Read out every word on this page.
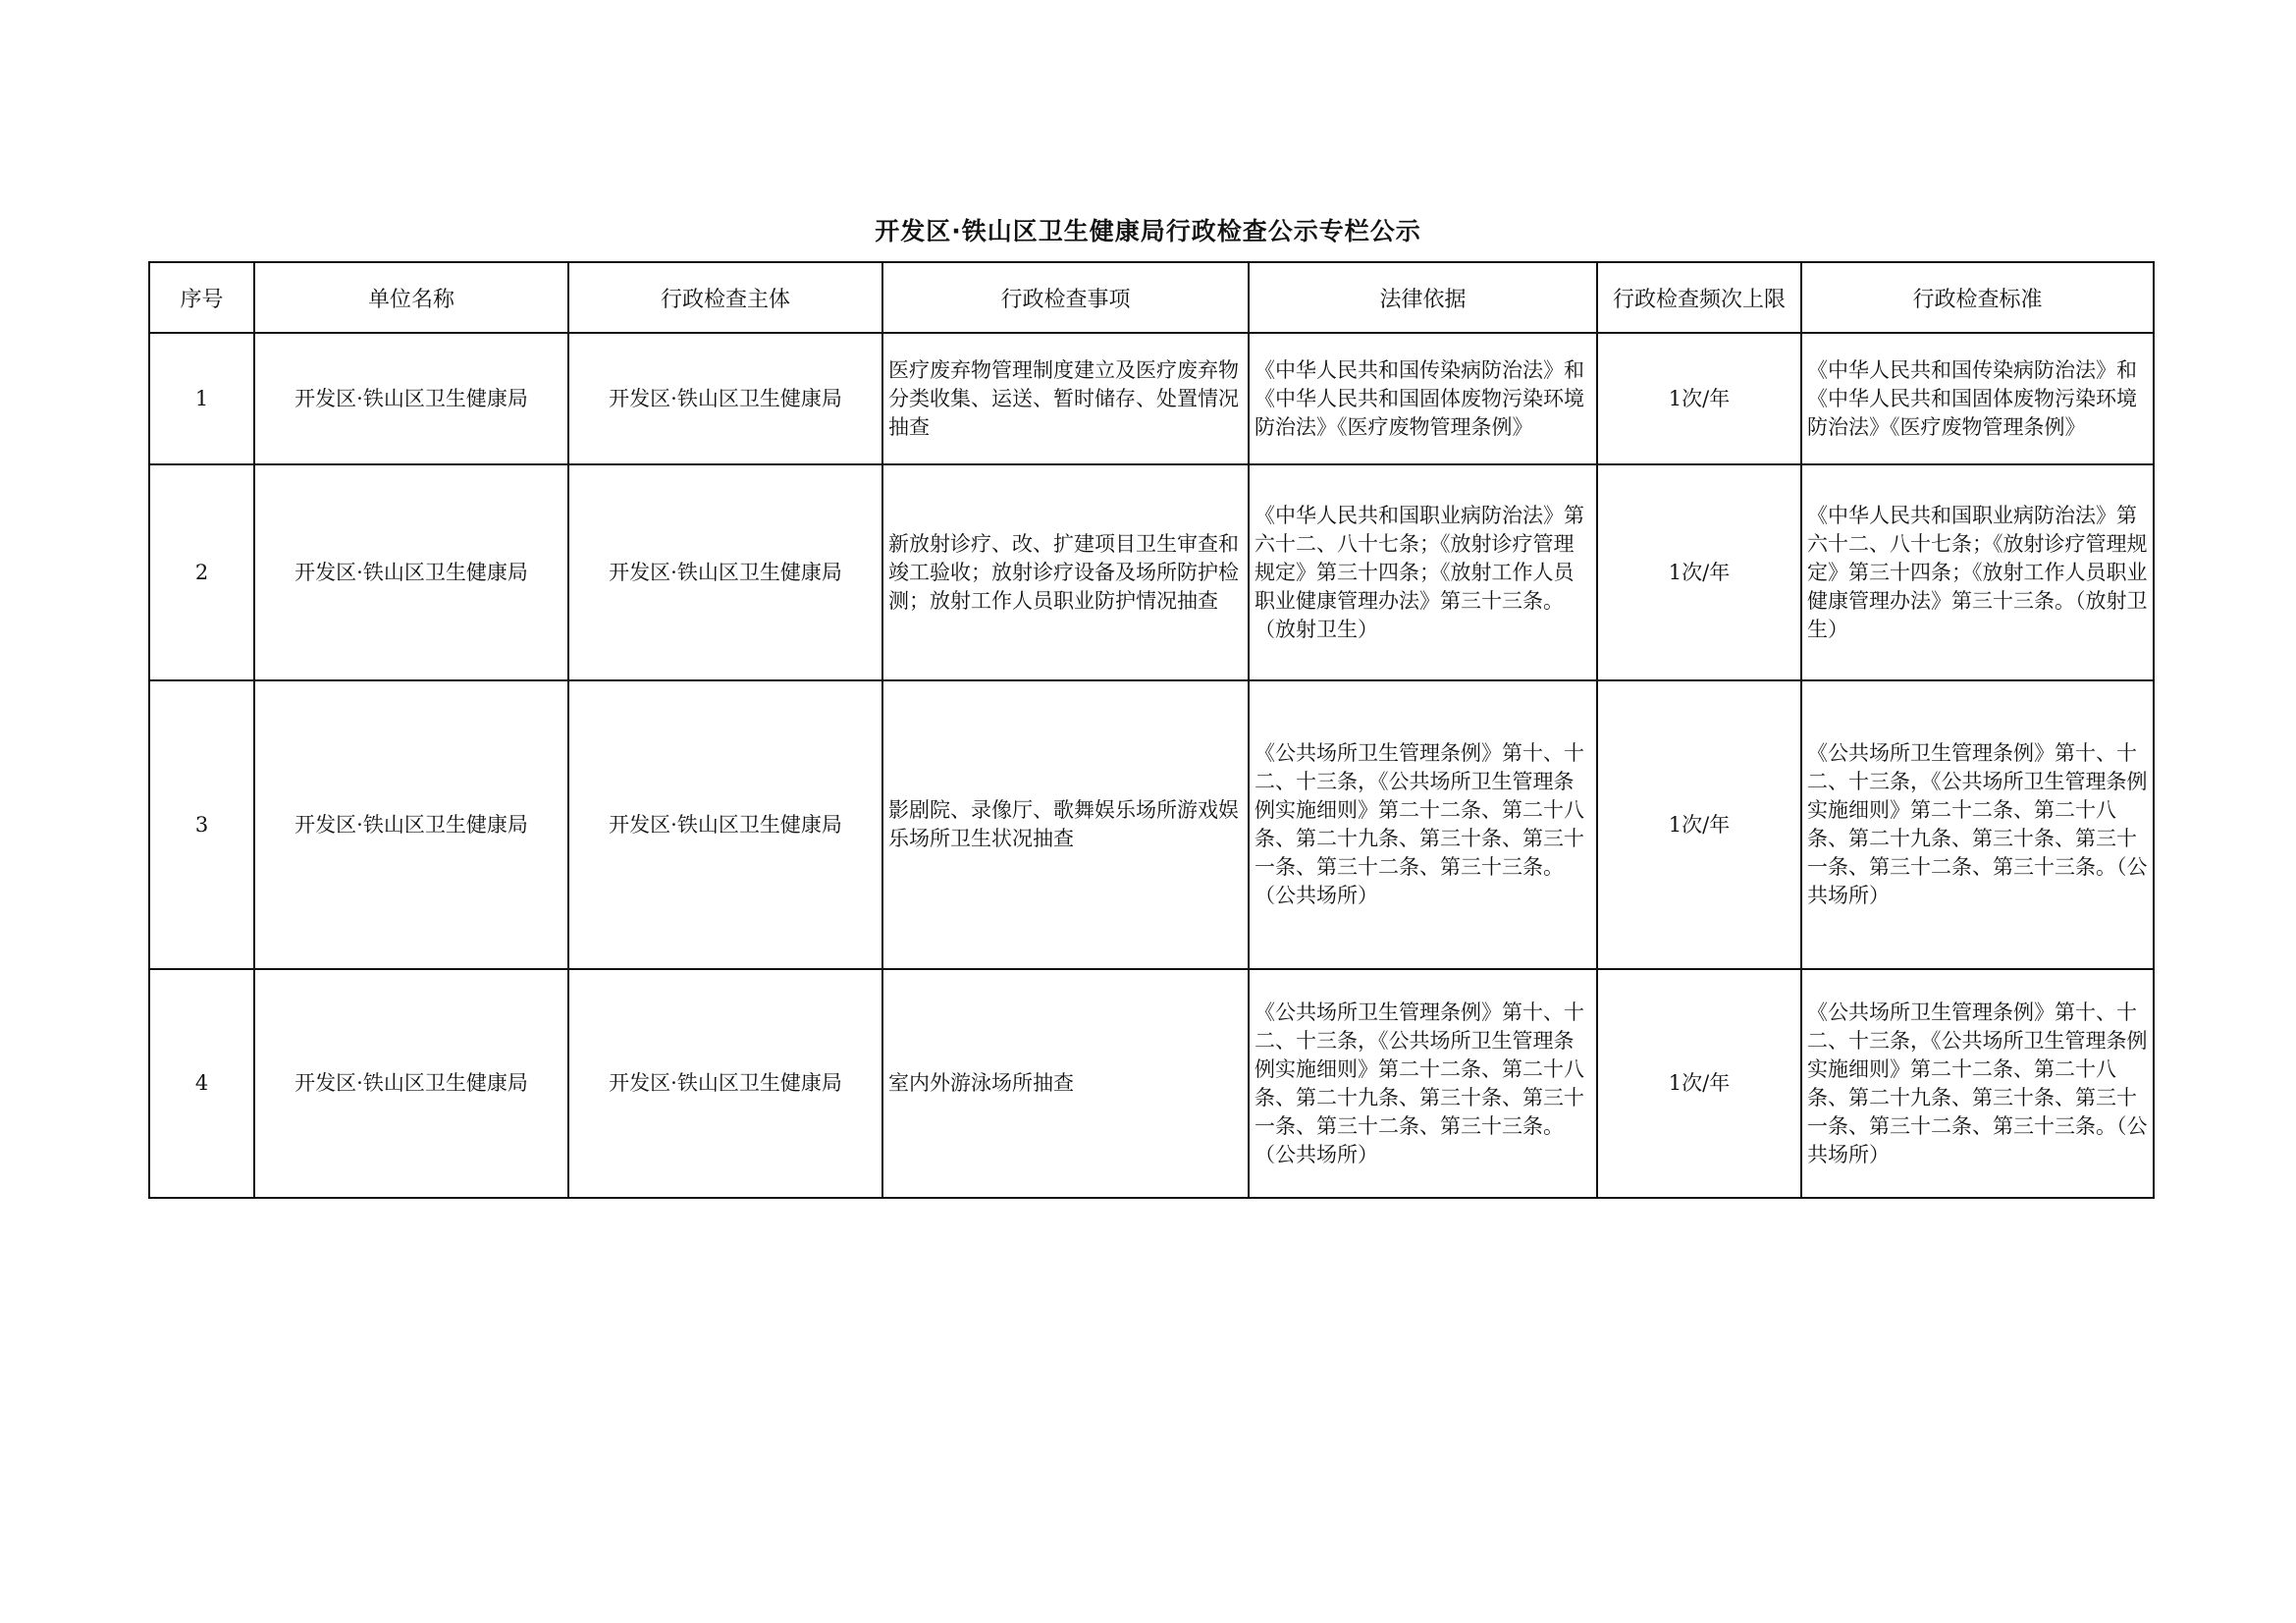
开发区·铁山区卫生健康局行政检查公示专栏公示
序号	单位名称	行政检查主体	行政检查事项	法律依据	行政检查频次上限	行政检查标准
1	开发区·铁山区卫生健康局	开发区·铁山区卫生健康局	医疗废弃物管理制度建立及医疗废弃物分类收集、运送、暂时储存、处置情况抽查	《中华人民共和国传染病防治法》和《中华人民共和国固体废物污染环境防治法》《医疗废物管理条例》	1次/年	《中华人民共和国传染病防治法》和《中华人民共和国固体废物污染环境防治法》《医疗废物管理条例》

2	开发区·铁山区卫生健康局	开发区·铁山区卫生健康局	新放射诊疗、改、扩建项目卫生审查和竣工验收；放射诊疗设备及场所防护检测；放射工作人员职业防护情况抽查	《中华人民共和国职业病防治法》第六十二、八十七条；《放射诊疗管理规定》第三十四条；《放射工作人员职业健康管理办法》第三十三条。（放射卫生）	1次/年	《中华人民共和国职业病防治法》第六十二、八十七条；《放射诊疗管理规定》第三十四条；《放射工作人员职业健康管理办法》第三十三条。（放射卫生）

3	开发区·铁山区卫生健康局	开发区·铁山区卫生健康局	影剧院、录像厅、歌舞娱乐场所游戏娱乐场所卫生状况抽查	《公共场所卫生管理条例》第十、十二、十三条，《公共场所卫生管理条例实施细则》第二十二条、第二十八条、第二十九条、第三十条、第三十一条、第三十二条、第三十三条。（公共场所）	1次/年	《公共场所卫生管理条例》第十、十二、十三条，《公共场所卫生管理条例实施细则》第二十二条、第二十八条、第二十九条、第三十条、第三十一条、第三十二条、第三十三条。（公共场所）

4	开发区·铁山区卫生健康局	开发区·铁山区卫生健康局	室内外游泳场所抽查	《公共场所卫生管理条例》第十、十二、十三条，《公共场所卫生管理条例实施细则》第二十二条、第二十八条、第二十九条、第三十条、第三十一条、第三十二条、第三十三条。（公共场所）	1次/年	《公共场所卫生管理条例》第十、十二、十三条，《公共场所卫生管理条例实施细则》第二十二条、第二十八条、第二十九条、第三十条、第三十一条、第三十二条、第三十三条。（公共场所）
